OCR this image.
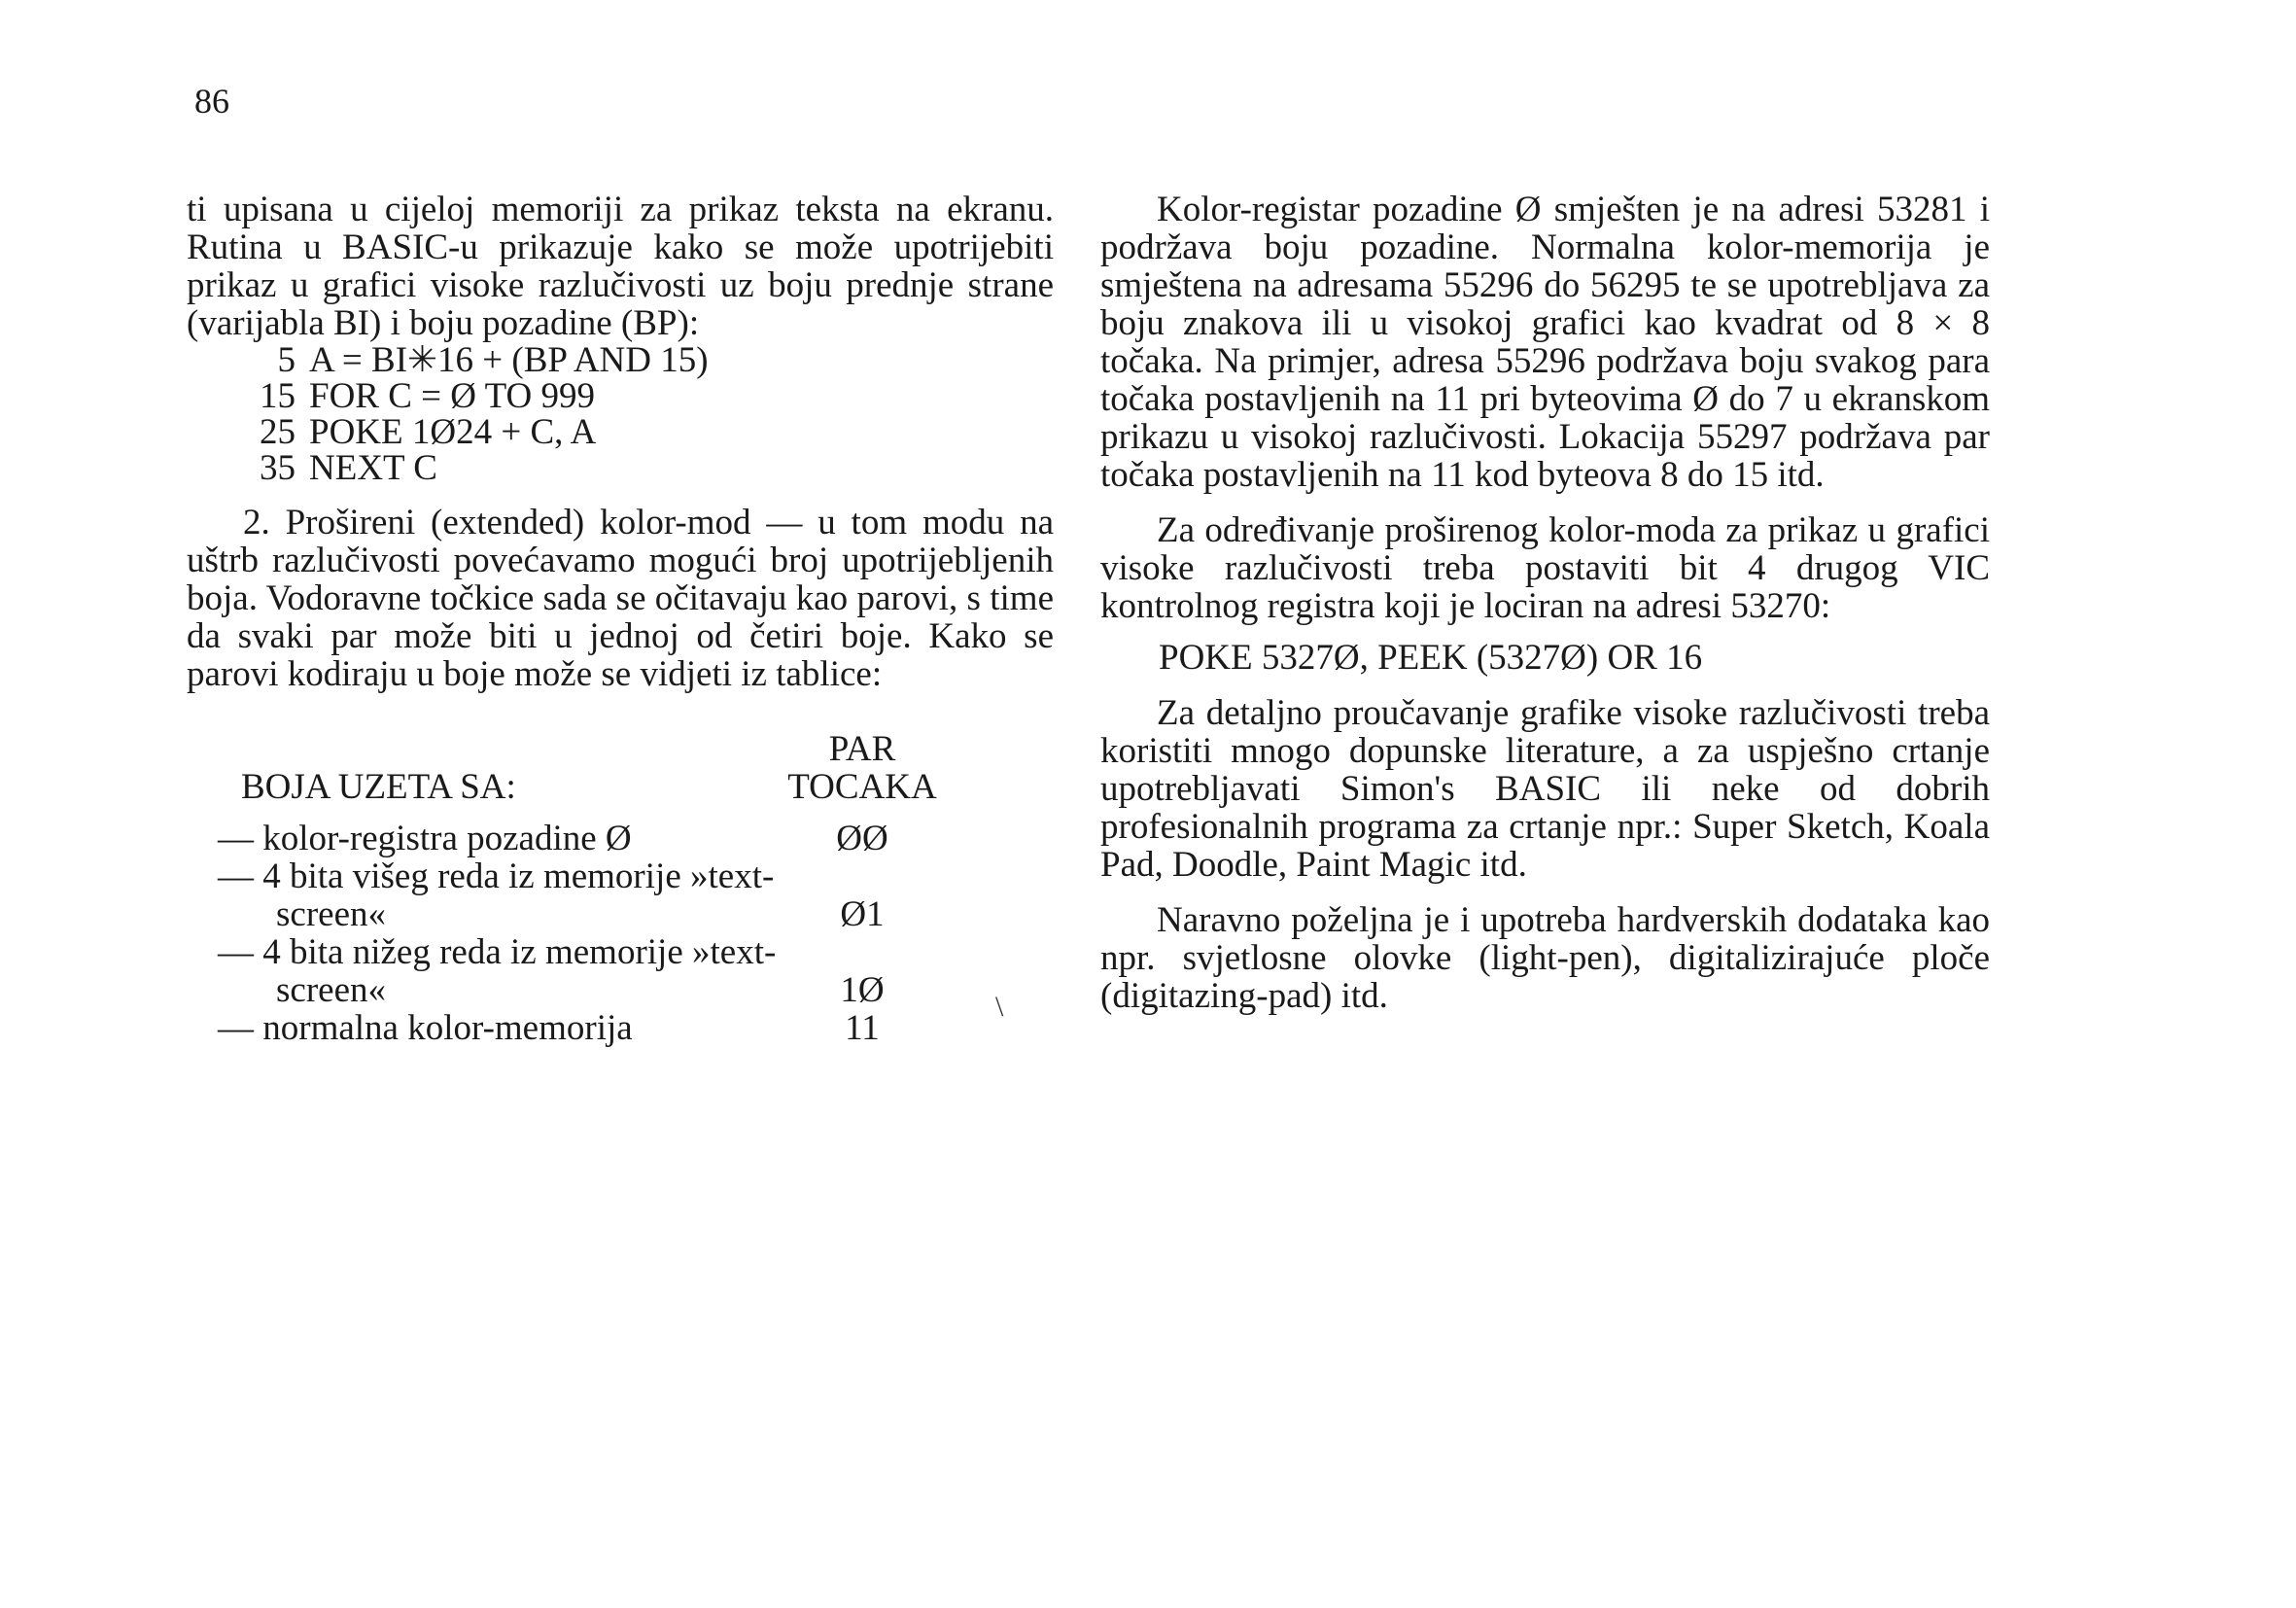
86

ti upisana u cijeloj memoriji za prikaz teksta na ekranu. Rutina u BASIC-u prikazuje kako se može upotrijebiti prikaz u grafici visoke razlučivosti uz boju prednje strane (varijabla BI) i boju pozadine (BP):

5 A = BI✳16 + (BP AND 15)
15 FOR C = Ø TO 999
25 POKE 1Ø24 + C, A
35 NEXT C

2. Prošireni (extended) kolor-mod — u tom modu na uštrb razlučivosti povećavamo mogući broj upotrijebljenih boja. Vodoravne točkice sada se očitavaju kao parovi, s time da svaki par može biti u jednoj od četiri boje. Kako se parovi kodiraju u boje može se vidjeti iz tablice:

BOJA UZETA SA:
PAR
TOCAKA
— kolor-registra pozadine Ø	ØØ
— 4 bita višeg reda iz memorije »text-screen«	Ø1
— 4 bita nižeg reda iz memorije »text-screen«	1Ø
— normalna kolor-memorija	11
\

Kolor-registar pozadine Ø smješten je na adresi 53281 i podržava boju pozadine. Normalna kolor-memorija je smještena na adresama 55296 do 56295 te se upotrebljava za boju znakova ili u visokoj grafici kao kvadrat od 8 × 8 točaka. Na primjer, adresa 55296 podržava boju svakog para točaka postavljenih na 11 pri byteovima Ø do 7 u ekranskom prikazu u visokoj razlučivosti. Lokacija 55297 podržava par točaka postavljenih na 11 kod byteova 8 do 15 itd.

Za određivanje proširenog kolor-moda za prikaz u grafici visoke razlučivosti treba postaviti bit 4 drugog VIC kontrolnog registra koji je lociran na adresi 53270:

POKE 5327Ø, PEEK (5327Ø) OR 16

Za detaljno proučavanje grafike visoke razlučivosti treba koristiti mnogo dopunske literature, a za uspješno crtanje upotrebljavati Simon's BASIC ili neke od dobrih profesionalnih programa za crtanje npr.: Super Sketch, Koala Pad, Doodle, Paint Magic itd.

Naravno poželjna je i upotreba hardverskih dodataka kao npr. svjetlosne olovke (light-pen), digitalizirajuće ploče (digitazing-pad) itd.
